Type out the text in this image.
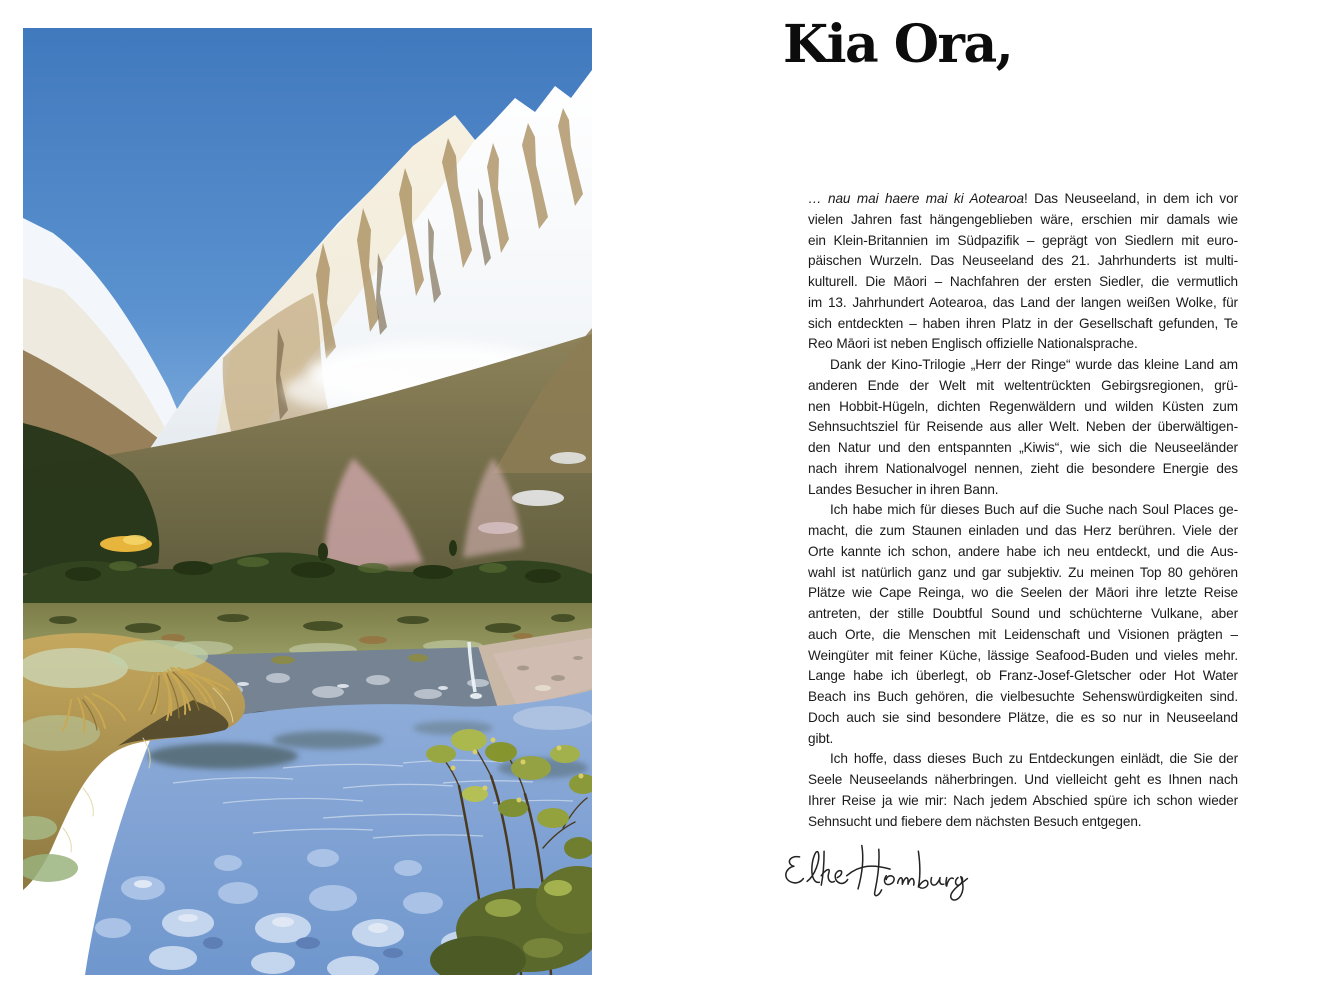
Kia Ora,
… nau mai haere mai ki Aotearoa! Das Neuseeland, in dem ich vor
vielen Jahren fast hängengeblieben wäre, erschien mir damals wie
ein Klein-Britannien im Südpazifik – geprägt von Siedlern mit euro-
päischen Wurzeln. Das Neuseeland des 21. Jahrhunderts ist multi-
kulturell. Die Māori – Nachfahren der ersten Siedler, die vermutlich
im 13. Jahrhundert Aotearoa, das Land der langen weißen Wolke, für
sich entdeckten – haben ihren Platz in der Gesellschaft gefunden, Te
Reo Māori ist neben Englisch offizielle Nationalsprache.
Dank der Kino-Trilogie „Herr der Ringe“ wurde das kleine Land am
anderen Ende der Welt mit weltentrückten Gebirgsregionen, grü-
nen Hobbit-Hügeln, dichten Regenwäldern und wilden Küsten zum
Sehnsuchtsziel für Reisende aus aller Welt. Neben der überwältigen-
den Natur und den entspannten „Kiwis“, wie sich die Neuseeländer
nach ihrem Nationalvogel nennen, zieht die besondere Energie des
Landes Besucher in ihren Bann.
Ich habe mich für dieses Buch auf die Suche nach Soul Places ge-
macht, die zum Staunen einladen und das Herz berühren. Viele der
Orte kannte ich schon, andere habe ich neu entdeckt, und die Aus-
wahl ist natürlich ganz und gar subjektiv. Zu meinen Top 80 gehören
Plätze wie Cape Reinga, wo die Seelen der Māori ihre letzte Reise
antreten, der stille Doubtful Sound und schüchterne Vulkane, aber
auch Orte, die Menschen mit Leidenschaft und Visionen prägten –
Weingüter mit feiner Küche, lässige Seafood-Buden und vieles mehr.
Lange habe ich überlegt, ob Franz-Josef-Gletscher oder Hot Water
Beach ins Buch gehören, die vielbesuchte Sehenswürdigkeiten sind.
Doch auch sie sind besondere Plätze, die es so nur in Neuseeland
gibt.
Ich hoffe, dass dieses Buch zu Entdeckungen einlädt, die Sie der
Seele Neuseelands näherbringen. Und vielleicht geht es Ihnen nach
Ihrer Reise ja wie mir: Nach jedem Abschied spüre ich schon wieder
Sehnsucht und fiebere dem nächsten Besuch entgegen.
